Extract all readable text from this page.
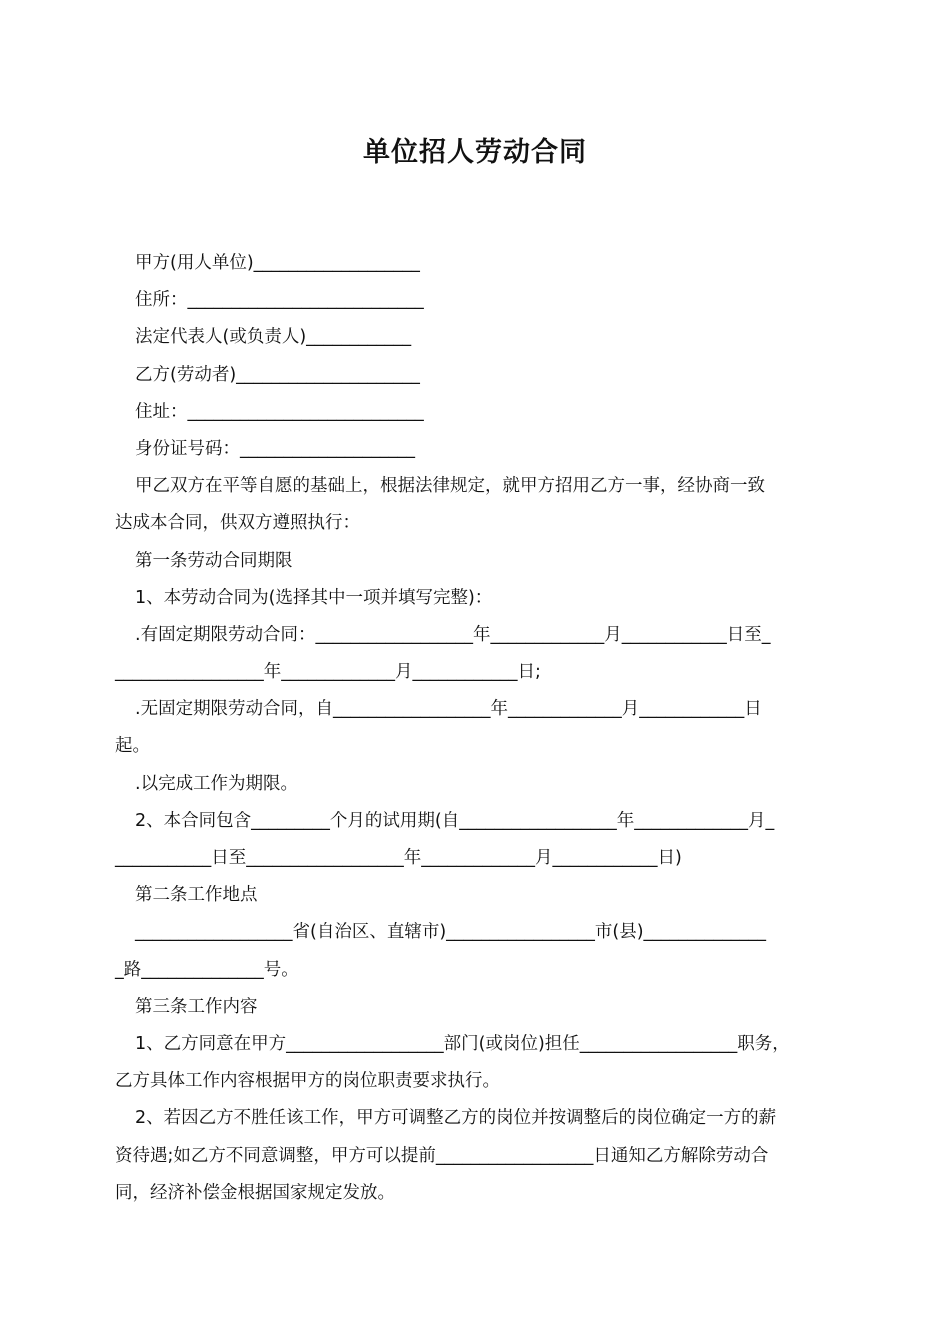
单位招人劳动合同

甲方(用人单位)___________________

住所：___________________________

法定代表人(或负责人)____________

乙方(劳动者)_____________________

住址：___________________________

身份证号码：____________________

甲乙双方在平等自愿的基础上，根据法律规定，就甲方招用乙方一事，经协商一致

达成本合同，供双方遵照执行：

第一条劳动合同期限

1、本劳动合同为(选择其中一项并填写完整)：

.有固定期限劳动合同：__________________年_____________月____________日至_

_________________年_____________月____________日;

.无固定期限劳动合同，自__________________年_____________月____________日

起。

.以完成工作为期限。

2、本合同包含_________个月的试用期(自__________________年_____________月_

___________日至__________________年_____________月____________日)

第二条工作地点

__________________省(自治区、直辖市)_________________市(县)______________

_路______________号。

第三条工作内容

1、乙方同意在甲方__________________部门(或岗位)担任__________________职务，

乙方具体工作内容根据甲方的岗位职责要求执行。

2、若因乙方不胜任该工作，甲方可调整乙方的岗位并按调整后的岗位确定一方的薪

资待遇;如乙方不同意调整，甲方可以提前__________________日通知乙方解除劳动合

同，经济补偿金根据国家规定发放。
